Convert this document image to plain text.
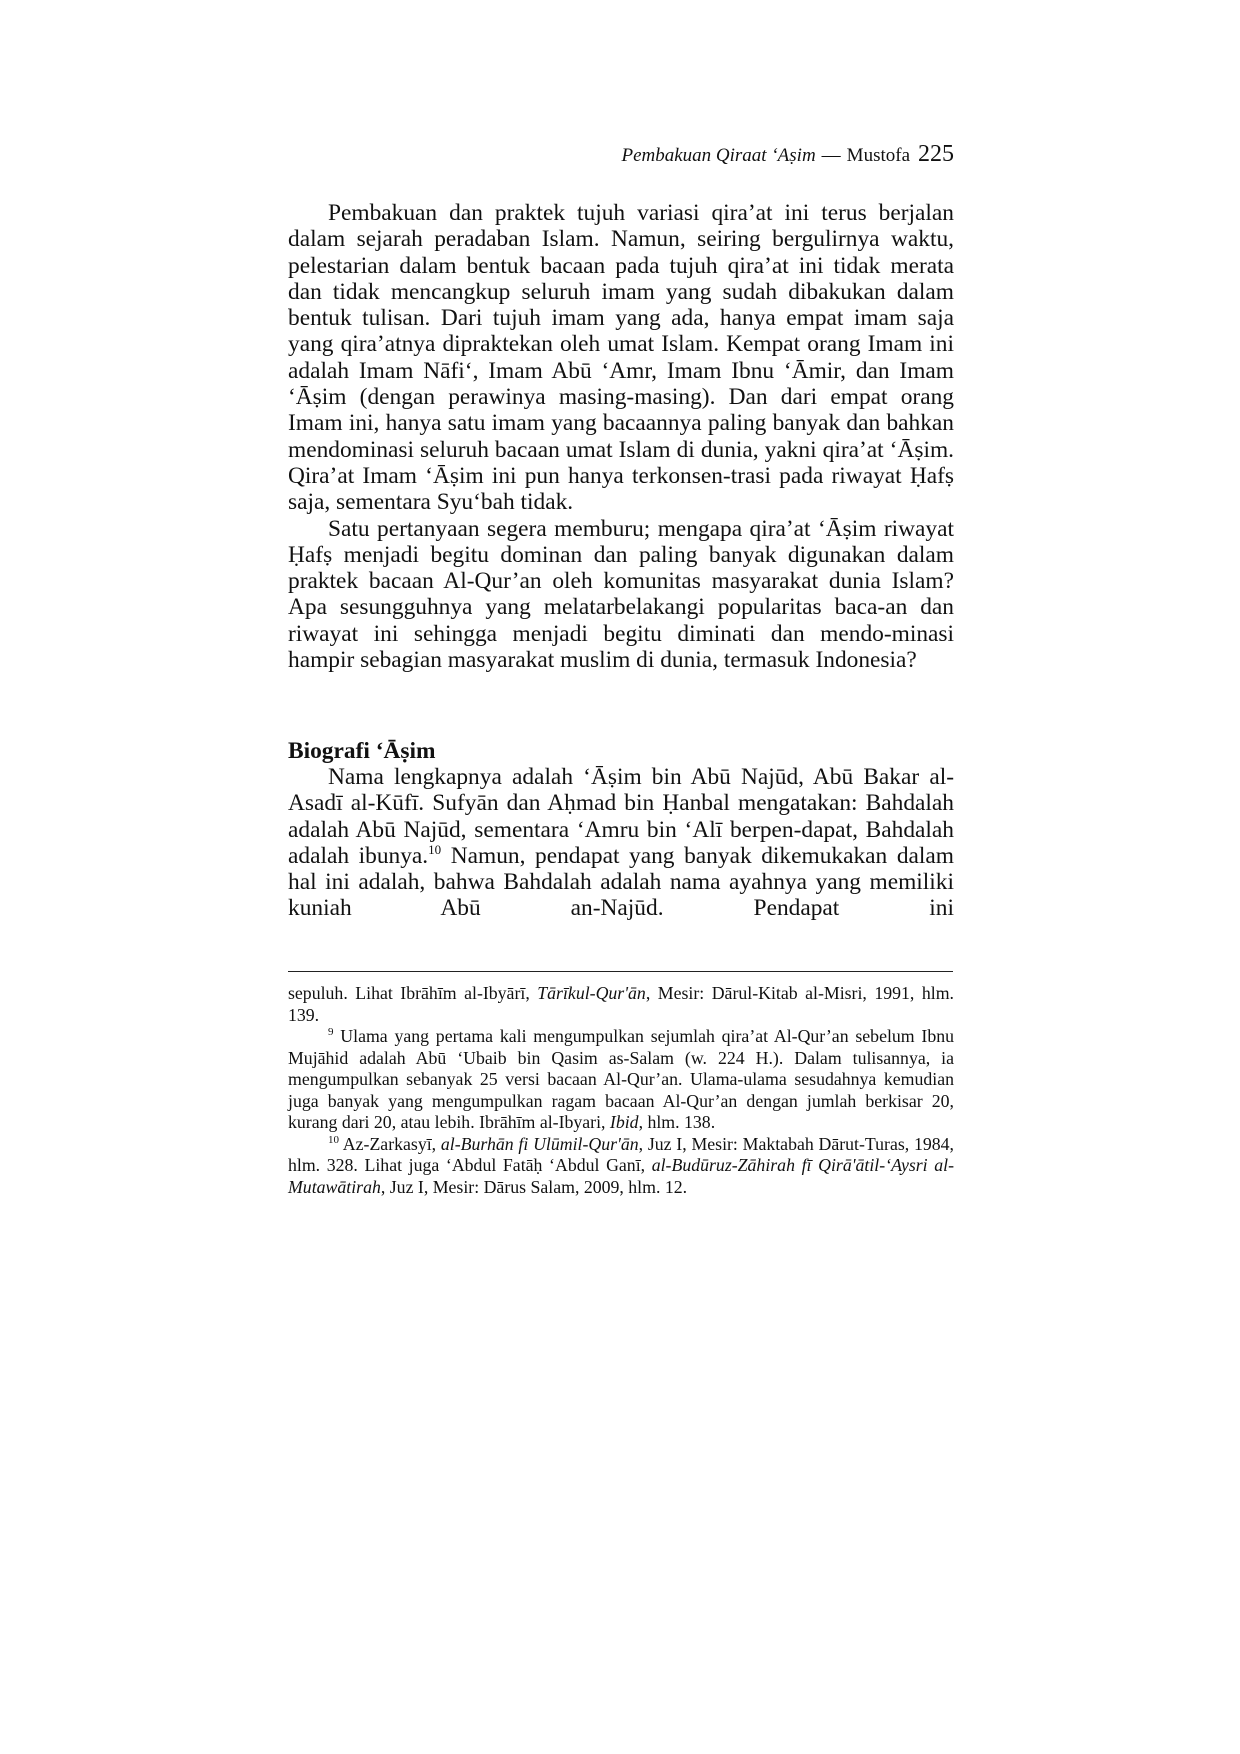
Pembakuan Qiraat ‘Aṣim — Mustofa 225

Pembakuan dan praktek tujuh variasi qira’at ini terus berjalan dalam sejarah peradaban Islam. Namun, seiring bergulirnya waktu, pelestarian dalam bentuk bacaan pada tujuh qira’at ini tidak merata dan tidak mencangkup seluruh imam yang sudah dibakukan dalam bentuk tulisan. Dari tujuh imam yang ada, hanya empat imam saja yang qira’atnya dipraktekan oleh umat Islam. Kempat orang Imam ini adalah Imam Nāfi‘, Imam Abū ‘Amr, Imam Ibnu ‘Āmir, dan Imam ‘Āṣim (dengan perawinya masing-masing). Dan dari empat orang Imam ini, hanya satu imam yang bacaannya paling banyak dan bahkan mendominasi seluruh bacaan umat Islam di dunia, yakni qira’at ‘Āṣim. Qira’at Imam ‘Āṣim ini pun hanya terkonsen-trasi pada riwayat Ḥafṣ saja, sementara Syu‘bah tidak.

Satu pertanyaan segera memburu; mengapa qira’at ‘Āṣim riwayat Ḥafṣ menjadi begitu dominan dan paling banyak digunakan dalam praktek bacaan Al-Qur’an oleh komunitas masyarakat dunia Islam? Apa sesungguhnya yang melatarbelakangi popularitas baca-an dan riwayat ini sehingga menjadi begitu diminati dan mendo-minasi hampir sebagian masyarakat muslim di dunia, termasuk Indonesia?

Biografi ‘Āṣim

Nama lengkapnya adalah ‘Āṣim bin Abū Najūd, Abū Bakar al-Asadī al-Kūfī. Sufyān dan Aḥmad bin Ḥanbal mengatakan: Bahdalah adalah Abū Najūd, sementara ‘Amru bin ‘Alī berpen-dapat, Bahdalah adalah ibunya.$^{10}$ Namun, pendapat yang banyak dikemukakan dalam hal ini adalah, bahwa Bahdalah adalah nama ayahnya yang memiliki kuniah Abū an-Najūd. Pendapat ini

sepuluh. Lihat Ibrāhīm al-Ibyārī, Tārīkul-Qur'ān, Mesir: Dārul-Kitab al-Misri, 1991, hlm. 139.

$^9$ Ulama yang pertama kali mengumpulkan sejumlah qira’at Al-Qur’an sebelum Ibnu Mujāhid adalah Abū ‘Ubaib bin Qasim as-Salam (w. 224 H.). Dalam tulisannya, ia mengumpulkan sebanyak 25 versi bacaan Al-Qur’an. Ulama-ulama sesudahnya kemudian juga banyak yang mengumpulkan ragam bacaan Al-Qur’an dengan jumlah berkisar 20, kurang dari 20, atau lebih. Ibrāhīm al-Ibyari, Ibid, hlm. 138.

$^{10}$ Az-Zarkasyī, al-Burhān fi Ulūmil-Qur'ān, Juz I, Mesir: Maktabah Dārut-Turas, 1984, hlm. 328. Lihat juga ‘Abdul Fatāḥ ‘Abdul Ganī, al-Budūruz-Zāhirah fī Qirā'ātil-‘Aysri al-Mutawātirah, Juz I, Mesir: Dārus Salam, 2009, hlm. 12.
